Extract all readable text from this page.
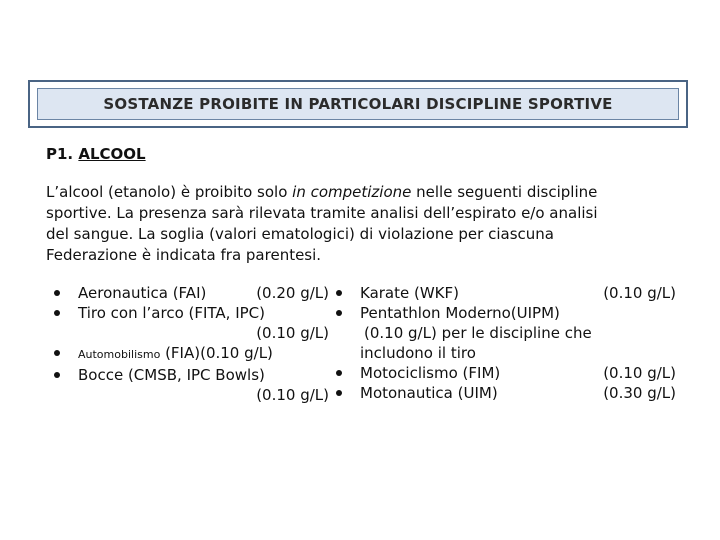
SOSTANZE PROIBITE IN PARTICOLARI DISCIPLINE SPORTIVE
P1. ALCOOL
L’alcool (etanolo) è proibito solo in competizione nelle seguenti discipline
sportive. La presenza sarà rilevata tramite analisi dell’espirato e/o analisi
del sangue. La soglia (valori ematologici) di violazione per ciascuna
Federazione è indicata fra parentesi.
Aeronautica (FAI)	(0.20 g/L)
Tiro con l’arco (FITA, IPC)
(0.10 g/L)
Automobilismo (FIA)(0.10 g/L)
Bocce (CMSB, IPC Bowls)
(0.10 g/L)
Karate (WKF)	(0.10 g/L)
Pentathlon Moderno(UIPM)
(0.10 g/L) per le discipline che
includono il tiro
Motociclismo (FIM)	(0.10 g/L)
Motonautica (UIM)	(0.30 g/L)
